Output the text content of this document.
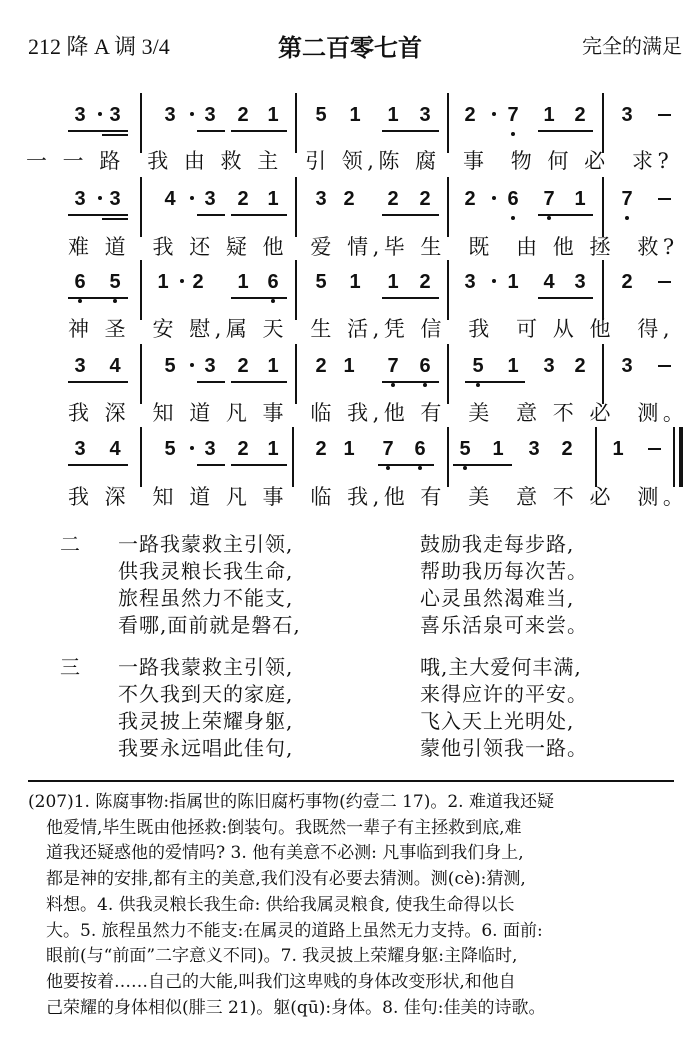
212 降 A 调 3/4	第二百零七首	完全的满足
3 3 3 3 2 1 5 1 1 3 2 7 1 2 3
3 3 4 3 2 1 3 2 2 2 2 6 7 1 7
6 5 1 2 1 6 5 1 1 2 3 1 4 3 2
3 4 5 3 2 1 2 1 7 6 5 1 3 2 3
3 4 5 3 2 1 2 1 7 6 5 1 3 2 1
一 一 路  我 由 救 主  引 领,陈 腐  事  物 何 必  求?
难 道  我 还 疑 他  爱 情,毕 生  既  由 他 拯  救?
神 圣  安 慰,属 天  生 活,凭 信  我  可 从 他  得,
我 深  知 道 凡 事  临 我,他 有  美  意 不 必  测。
我 深  知 道 凡 事  临 我,他 有  美  意 不 必  测。
二 一路我蒙救主引领,
供我灵粮长我生命,
旅程虽然力不能支,
看哪,面前就是磐石,
鼓励我走每步路,
帮助我历每次苦。
心灵虽然渴难当,
喜乐活泉可来尝。
三 一路我蒙救主引领,
不久我到天的家庭,
我灵披上荣耀身躯,
我要永远唱此佳句,
哦,主大爱何丰满,
来得应许的平安。
飞入天上光明处,
蒙他引领我一路。
(207)1. 陈腐事物:指属世的陈旧腐朽事物(约壹二 17)。2. 难道我还疑
他爱情,毕生既由他拯救:倒装句。我既然一辈子有主拯救到底,难
道我还疑惑他的爱情吗? 3. 他有美意不必测: 凡事临到我们身上,
都是神的安排,都有主的美意,我们没有必要去猜测。测(cè):猜测,
料想。4. 供我灵粮长我生命: 供给我属灵粮食, 使我生命得以长
大。5. 旅程虽然力不能支:在属灵的道路上虽然无力支持。6. 面前:
眼前(与“前面”二字意义不同)。7. 我灵披上荣耀身躯:主降临时,
他要按着……自己的大能,叫我们这卑贱的身体改变形状,和他自
己荣耀的身体相似(腓三 21)。躯(qū):身体。8. 佳句:佳美的诗歌。
